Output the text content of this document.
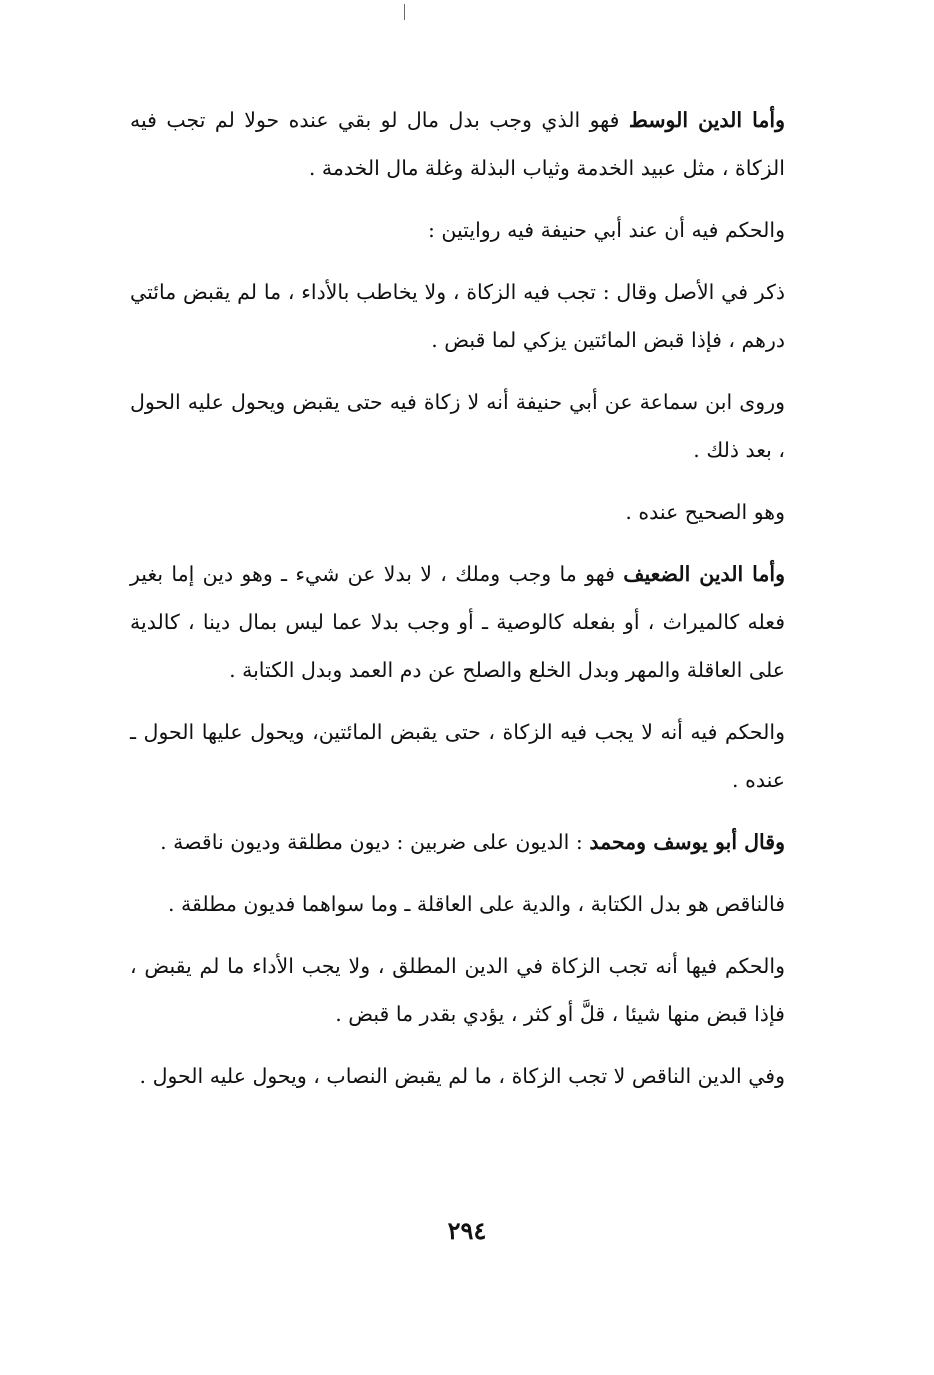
وأما الدين الوسط فهو الذي وجب بدل مال لو بقي عنده حولا لم تجب فيه الزكاة ، مثل عبيد الخدمة وثياب البذلة وغلة مال الخدمة .

والحكم فيه أن عند أبي حنيفة فيه روايتين :

ذكر في الأصل وقال : تجب فيه الزكاة ، ولا يخاطب بالأداء ، ما لم يقبض مائتي درهم ، فإذا قبض المائتين يزكي لما قبض .

وروى ابن سماعة عن أبي حنيفة أنه لا زكاة فيه حتى يقبض ويحول عليه الحول ، بعد ذلك .

وهو الصحيح عنده .

وأما الدين الضعيف فهو ما وجب وملك ، لا بدلا عن شيء ـ وهو دين إما بغير فعله كالميراث ، أو بفعله كالوصية ـ أو وجب بدلا عما ليس بمال دينا ، كالدية على العاقلة والمهر وبدل الخلع والصلح عن دم العمد وبدل الكتابة .

والحكم فيه أنه لا يجب فيه الزكاة ، حتى يقبض المائتين، ويحول عليها الحول ـ عنده .

وقال أبو يوسف ومحمد : الديون على ضربين : ديون مطلقة وديون ناقصة .

فالناقص هو بدل الكتابة ، والدية على العاقلة ـ وما سواهما فديون مطلقة .

والحكم فيها أنه تجب الزكاة في الدين المطلق ، ولا يجب الأداء ما لم يقبض ، فإذا قبض منها شيئا ، قلَّ أو كثر ، يؤدي بقدر ما قبض .

وفي الدين الناقص لا تجب الزكاة ، ما لم يقبض النصاب ، ويحول عليه الحول .

٢٩٤
